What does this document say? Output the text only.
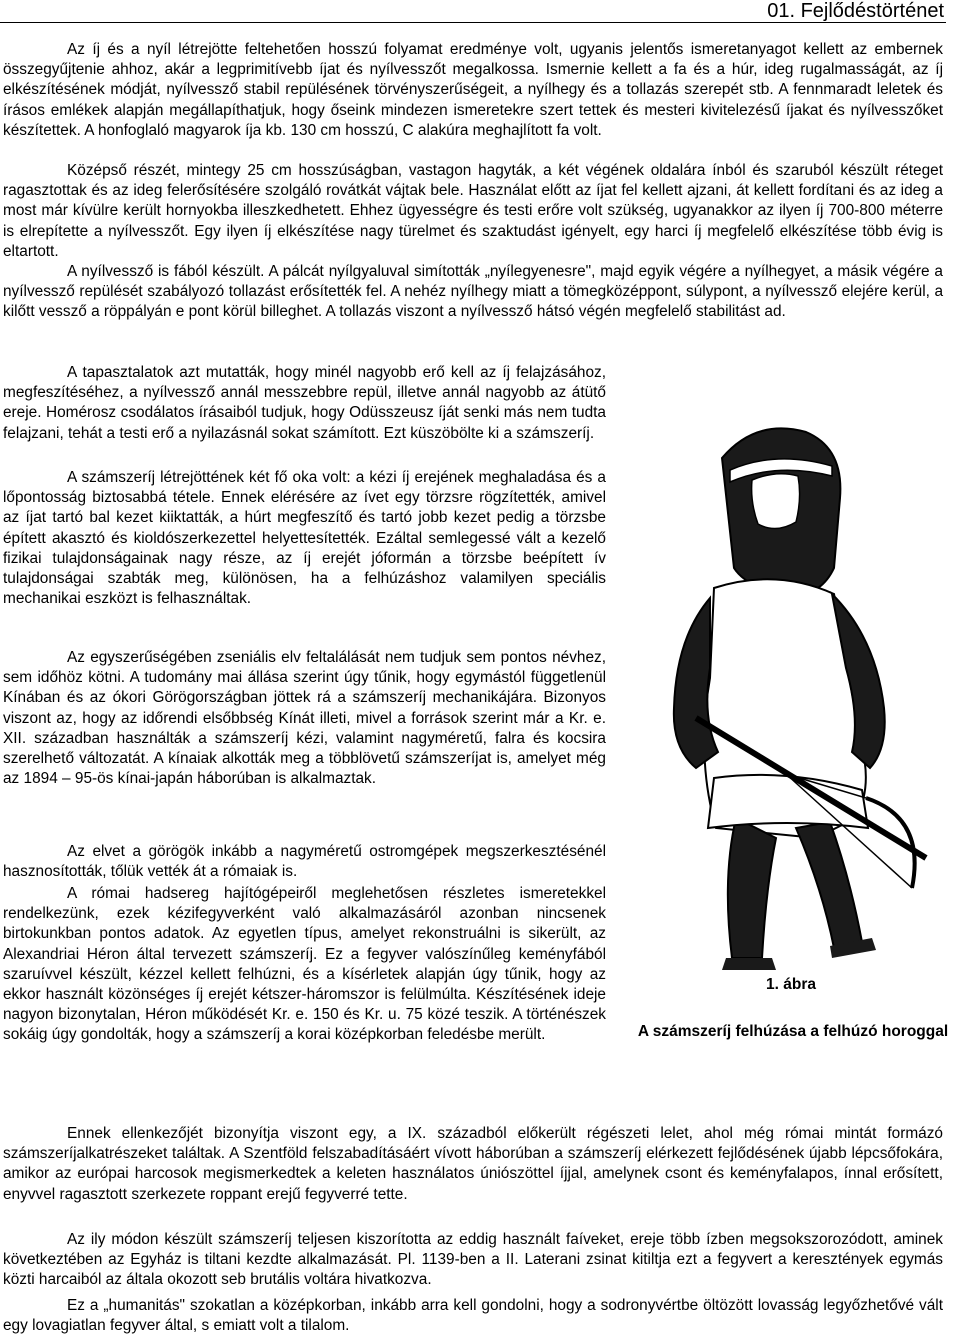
01. Fejlődéstörténet

Az íj és a nyíl létrejötte feltehetően hosszú folyamat eredménye volt, ugyanis jelentős ismeretanyagot kellett az embernek összegyűjtenie ahhoz, akár a legprimitívebb íjat és nyílvesszőt megalkossa. Ismernie kellett a fa és a húr, ideg rugalmasságát, az íj elkészítésének módját, nyílvessző stabil repülésének törvényszerűségeit, a nyílhegy és a tollazás szerepét stb. A fennmaradt leletek és írásos emlékek alapján megállapíthatjuk, hogy őseink mindezen ismeretekre szert tettek és mesteri kivitelezésű íjakat és nyílvesszőket készítettek. A honfoglaló magyarok íja kb. 130 cm hosszú, C alakúra meghajlított fa volt.

Középső részét, mintegy 25 cm hosszúságban, vastagon hagyták, a két végének oldalára ínból és szaruból készült réteget ragasztottak és az ideg felerősítésére szolgáló rovátkát vájtak bele. Használat előtt az íjat fel kellett ajzani, át kellett fordítani és az ideg a most már kívülre került hornyokba illeszkedhetett. Ehhez ügyességre és testi erőre volt szükség, ugyanakkor az ilyen íj 700-800 méterre is elrepítette a nyílvesszőt. Egy ilyen íj elkészítése nagy türelmet és szaktudást igényelt, egy harci íj megfelelő elkészítése több évig is eltartott.

A nyílvessző is fából készült. A pálcát nyílgyaluval simították „nyílegyenesre", majd egyik végére a nyílhegyet, a másik végére a nyílvessző repülését szabályozó tollazást erősítették fel. A nehéz nyílhegy miatt a tömegközéppont, súlypont, a nyílvessző elejére kerül, a kilőtt vessző a röppályán e pont körül billeghet. A tollazás viszont a nyílvessző hátsó végén megfelelő stabilitást ad.

A tapasztalatok azt mutatták, hogy minél nagyobb erő kell az íj felajzásához, megfeszítéséhez, a nyílvessző annál messzebbre repül, illetve annál nagyobb az átütő ereje. Homérosz csodálatos írásaiból tudjuk, hogy Odüsszeusz íját senki más nem tudta felajzani, tehát a testi erő a nyilazásnál sokat számított. Ezt küszöbölte ki a számszeríj.

A számszeríj létrejöttének két fő oka volt: a kézi íj erejének meghaladása és a lőpontosság biztosabbá tétele. Ennek elérésére az ívet egy törzsre rögzítették, amivel az íjat tartó bal kezet kiiktatták, a húrt megfeszítő és tartó jobb kezet pedig a törzsbe épített akasztó és kioldószerkezettel helyettesítették. Ezáltal semlegessé vált a kezelő fizikai tulajdonságainak nagy része, az íj erejét jóformán a törzsbe beépített ív tulajdonságai szabták meg, különösen, ha a felhúzáshoz valamilyen speciális mechanikai eszközt is felhasználtak.

Az egyszerűségében zseniális elv feltalálását nem tudjuk sem pontos névhez, sem időhöz kötni. A tudomány mai állása szerint úgy tűnik, hogy egymástól függetlenül Kínában és az ókori Görögországban jöttek rá a számszeríj mechanikájára. Bizonyos viszont az, hogy az időrendi elsőbbség Kínát illeti, mivel a források szerint már a Kr. e. XII. században használták a számszeríj kézi, valamint nagyméretű, falra és kocsira szerelhető változatát. A kínaiak alkották meg a többlövetű számszeríjat is, amelyet még az 1894 – 95-ös kínai-japán háborúban is alkalmaztak.

Az elvet a görögök inkább a nagyméretű ostromgépek megszerkesztésénél hasznosították, tőlük vették át a rómaiak is.

A római hadsereg hajítógépeiről meglehetősen részletes ismeretekkel rendelkezünk, ezek kézifegyverként való alkalmazásáról azonban nincsenek birtokunkban pontos adatok. Az egyetlen típus, amelyet rekonstruálni is sikerült, az Alexandriai Héron által tervezett számszeríj. Ez a fegyver valószínűleg keményfából szaruívvel készült, kézzel kellett felhúzni, és a kísérletek alapján úgy tűnik, hogy az ekkor használt közönséges íj erejét kétszer-háromszor is felülmúlta. Készítésének ideje nagyon bizonytalan, Héron működését Kr. e. 150 és Kr. u. 75 közé teszik. A történészek sokáig úgy gondolták, hogy a számszeríj a korai középkorban feledésbe merült.

Ennek ellenkezőjét bizonyítja viszont egy, a IX. századból előkerült régészeti lelet, ahol még római mintát formázó számszeríjalkatrészeket találtak. A Szentföld felszabadításáért vívott háborúban a számszeríj elérkezett fejlődésének újabb lépcsőfokára, amikor az európai harcosok megismerkedtek a keleten használatos úniószöttel íjjal, amelynek csont és keményfalapos, ínnal erősített, enyvvel ragasztott szerkezete roppant erejű fegyverré tette.

Az ily módon készült számszeríj teljesen kiszorította az eddig használt faíveket, ereje több ízben megsokszorozódott, aminek következtében az Egyház is tiltani kezdte alkalmazását. Pl. 1139-ben a II. Laterani zsinat kitiltja ezt a fegyvert a keresztények egymás közti harcaiból az általa okozott seb brutális voltára hivatkozva.

Ez a „humanitás" szokatlan a középkorban, inkább arra kell gondolni, hogy a sodronyvértbe öltözött lovasság legyőzhetővé vált egy lovagiatlan fegyver által, s emiatt volt a tilalom.

1. ábra
A számszeríj felhúzása a felhúzó horoggal
